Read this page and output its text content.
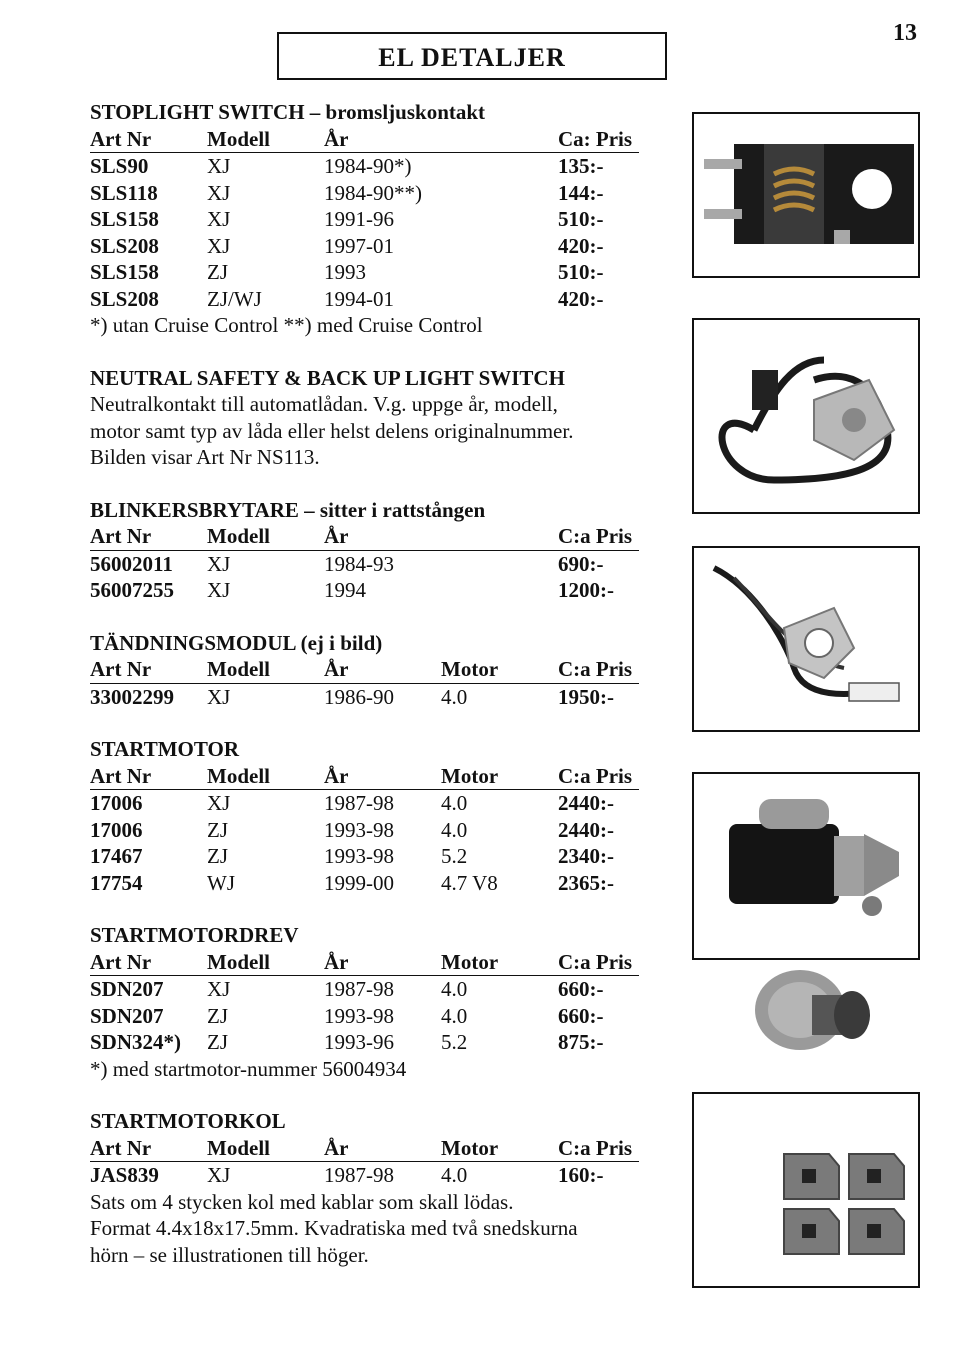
13
EL DETALJER
STOPLIGHT SWITCH – bromsljuskontakt
Art Nr	Modell	År	Ca: Pris
SLS90	XJ	1984-90*)	135:-
SLS118 XJ	1984-90**)	144:-
SLS158 XJ	1991-96	510:-
SLS208 XJ	1997-01	420:-
SLS158 ZJ	1993	510:-
SLS208 ZJ/WJ	1994-01	420:-
*) utan Cruise Control **) med Cruise Control
NEUTRAL SAFETY & BACK UP LIGHT SWITCH
Neutralkontakt till automatlådan. V.g. uppge år, modell,
motor samt typ av låda eller helst delens originalnummer.
Bilden visar Art Nr NS113.
BLINKERSBRYTARE – sitter i rattstången
Art Nr	Modell	År	C:a Pris
56002011 XJ	1984-93	690:-
56007255 XJ	1994	1200:-
TÄNDNINGSMODUL (ej i bild)
Art Nr	Modell	År	Motor	C:a Pris
33002299 XJ	1986-90 4.0	1950:-
STARTMOTOR
Art Nr	Modell	År	Motor	C:a Pris
17006	XJ	1987-98 4.0	2440:-
17006	ZJ	1993-98 4.0	2440:-
17467	ZJ	1993-98 5.2	2340:-
17754	WJ	1999-00 4.7 V8	2365:-
STARTMOTORDREV
Art Nr	Modell	År	Motor	C:a Pris
SDN207 XJ	1987-98 4.0	660:-
SDN207 ZJ	1993-98 4.0	660:-
SDN324*) ZJ	1993-96 5.2	875:-
*) med startmotor-nummer 56004934
STARTMOTORKOL
Art Nr	Modell	År	Motor	C:a Pris
JAS839 XJ	1987-98 4.0	160:-
Sats om 4 stycken kol med kablar som skall lödas.
Format 4.4x18x17.5mm. Kvadratiska med två snedskurna
hörn – se illustrationen till höger.
